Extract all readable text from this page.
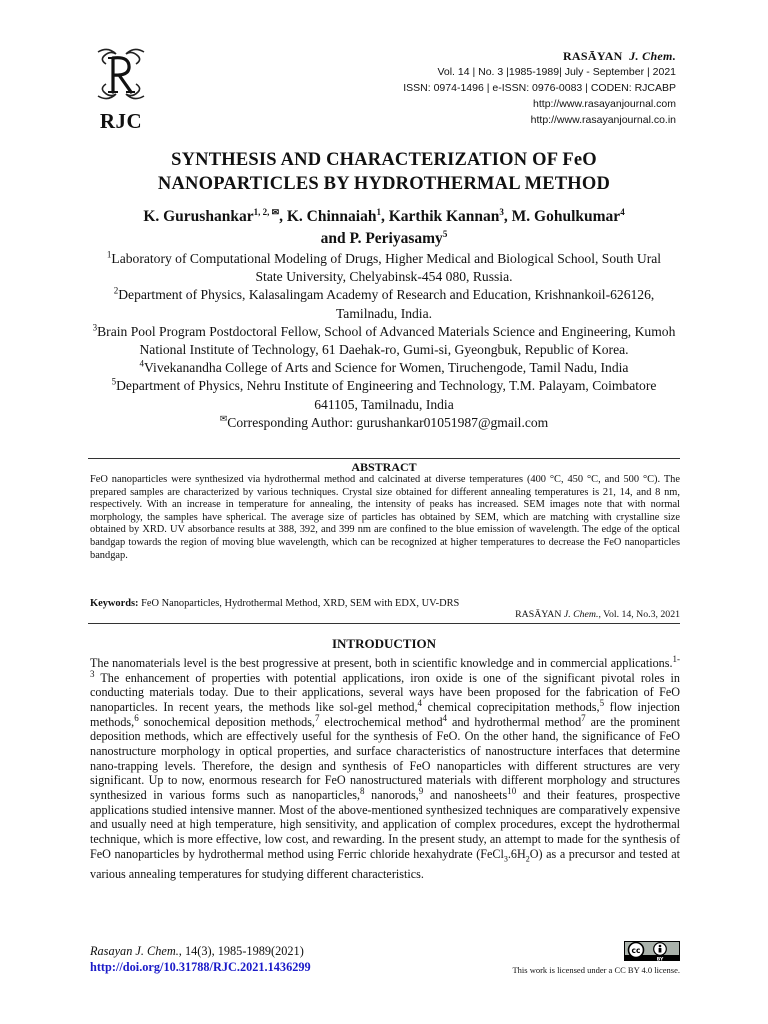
RJC
RASĀYAN J. Chem.
Vol. 14 | No. 3 |1985-1989| July - September | 2021
ISSN: 0974-1496 | e-ISSN: 0976-0083 | CODEN: RJCABP
http://www.rasayanjournal.com
http://www.rasayanjournal.co.in
SYNTHESIS AND CHARACTERIZATION OF FeO
NANOPARTICLES BY HYDROTHERMAL METHOD
K. Gurushankar$^{1, 2, ✉}$, K. Chinnaiah$^1$, Karthik Kannan$^3$, M. Gohulkumar$^4$
and P. Periyasamy$^5$

$^1$Laboratory of Computational Modeling of Drugs, Higher Medical and Biological School, South Ural State University, Chelyabinsk-454 080, Russia.

$^2$Department of Physics, Kalasalingam Academy of Research and Education, Krishnankoil-626126, Tamilnadu, India.

$^3$Brain Pool Program Postdoctoral Fellow, School of Advanced Materials Science and Engineering, Kumoh National Institute of Technology, 61 Daehak-ro, Gumi-si, Gyeongbuk, Republic of Korea.

$^4$Vivekanandha College of Arts and Science for Women, Tiruchengode, Tamil Nadu, India

$^5$Department of Physics, Nehru Institute of Engineering and Technology, T.M. Palayam, Coimbatore 641105, Tamilnadu, India

✉Corresponding Author: gurushankar01051987@gmail.com

ABSTRACT
FeO nanoparticles were synthesized via hydrothermal method and calcinated at diverse temperatures (400 °C, 450 °C, and 500 °C). The prepared samples are characterized by various techniques. Crystal size obtained for different annealing temperatures is 21, 14, and 8 nm, respectively. With an increase in temperature for annealing, the intensity of peaks has increased. SEM images note that with normal morphology, the samples have spherical. The average size of particles has obtained by SEM, which are matching with crystalline size obtained by XRD. UV absorbance results at 388, 392, and 399 nm are confined to the blue emission of wavelength. The edge of the optical bandgap towards the region of moving blue wavelength, which can be recognized at higher temperatures to decrease the FeO nanoparticles bandgap.
Keywords: FeO Nanoparticles, Hydrothermal Method, XRD, SEM with EDX, UV-DRS
RASĀYAN J. Chem., Vol. 14, No.3, 2021
INTRODUCTION
The nanomaterials level is the best progressive at present, both in scientific knowledge and in commercial applications.$^{1-3}$ The enhancement of properties with potential applications, iron oxide is one of the significant pivotal roles in conducting materials today. Due to their applications, several ways have been proposed for the fabrication of FeO nanoparticles. In recent years, the methods like sol-gel method,$^4$ chemical coprecipitation methods,$^5$ flow injection methods,$^6$ sonochemical deposition methods,$^7$ electrochemical method$^4$ and hydrothermal method$^7$ are the prominent deposition methods, which are effectively useful for the synthesis of FeO. On the other hand, the significance of FeO nanostructure morphology in optical properties, and surface characteristics of nanostructure interfaces that determine nano-trapping levels. Therefore, the design and synthesis of FeO nanoparticles with different structures are very significant. Up to now, enormous research for FeO nanostructured materials with different morphology and structures synthesized in various forms such as nanoparticles,$^8$ nanorods,$^9$ and nanosheets$^{10}$ and their features, prospective applications studied intensive manner. Most of the above-mentioned synthesized techniques are comparatively expensive and usually need at high temperature, high sensitivity, and application of complex procedures, except the hydrothermal technique, which is more effective, low cost, and rewarding. In the present study, an attempt to made for the synthesis of FeO nanoparticles by hydrothermal method using Ferric chloride hexahydrate $(FeCl_3.6H_2O)$ as a precursor and tested at various annealing temperatures for studying different characteristics.
Rasayan J. Chem., 14(3), 1985-1989(2021)
http://doi.org/10.31788/RJC.2021.1436299
cc
BY
This work is licensed under a CC BY 4.0 license.
